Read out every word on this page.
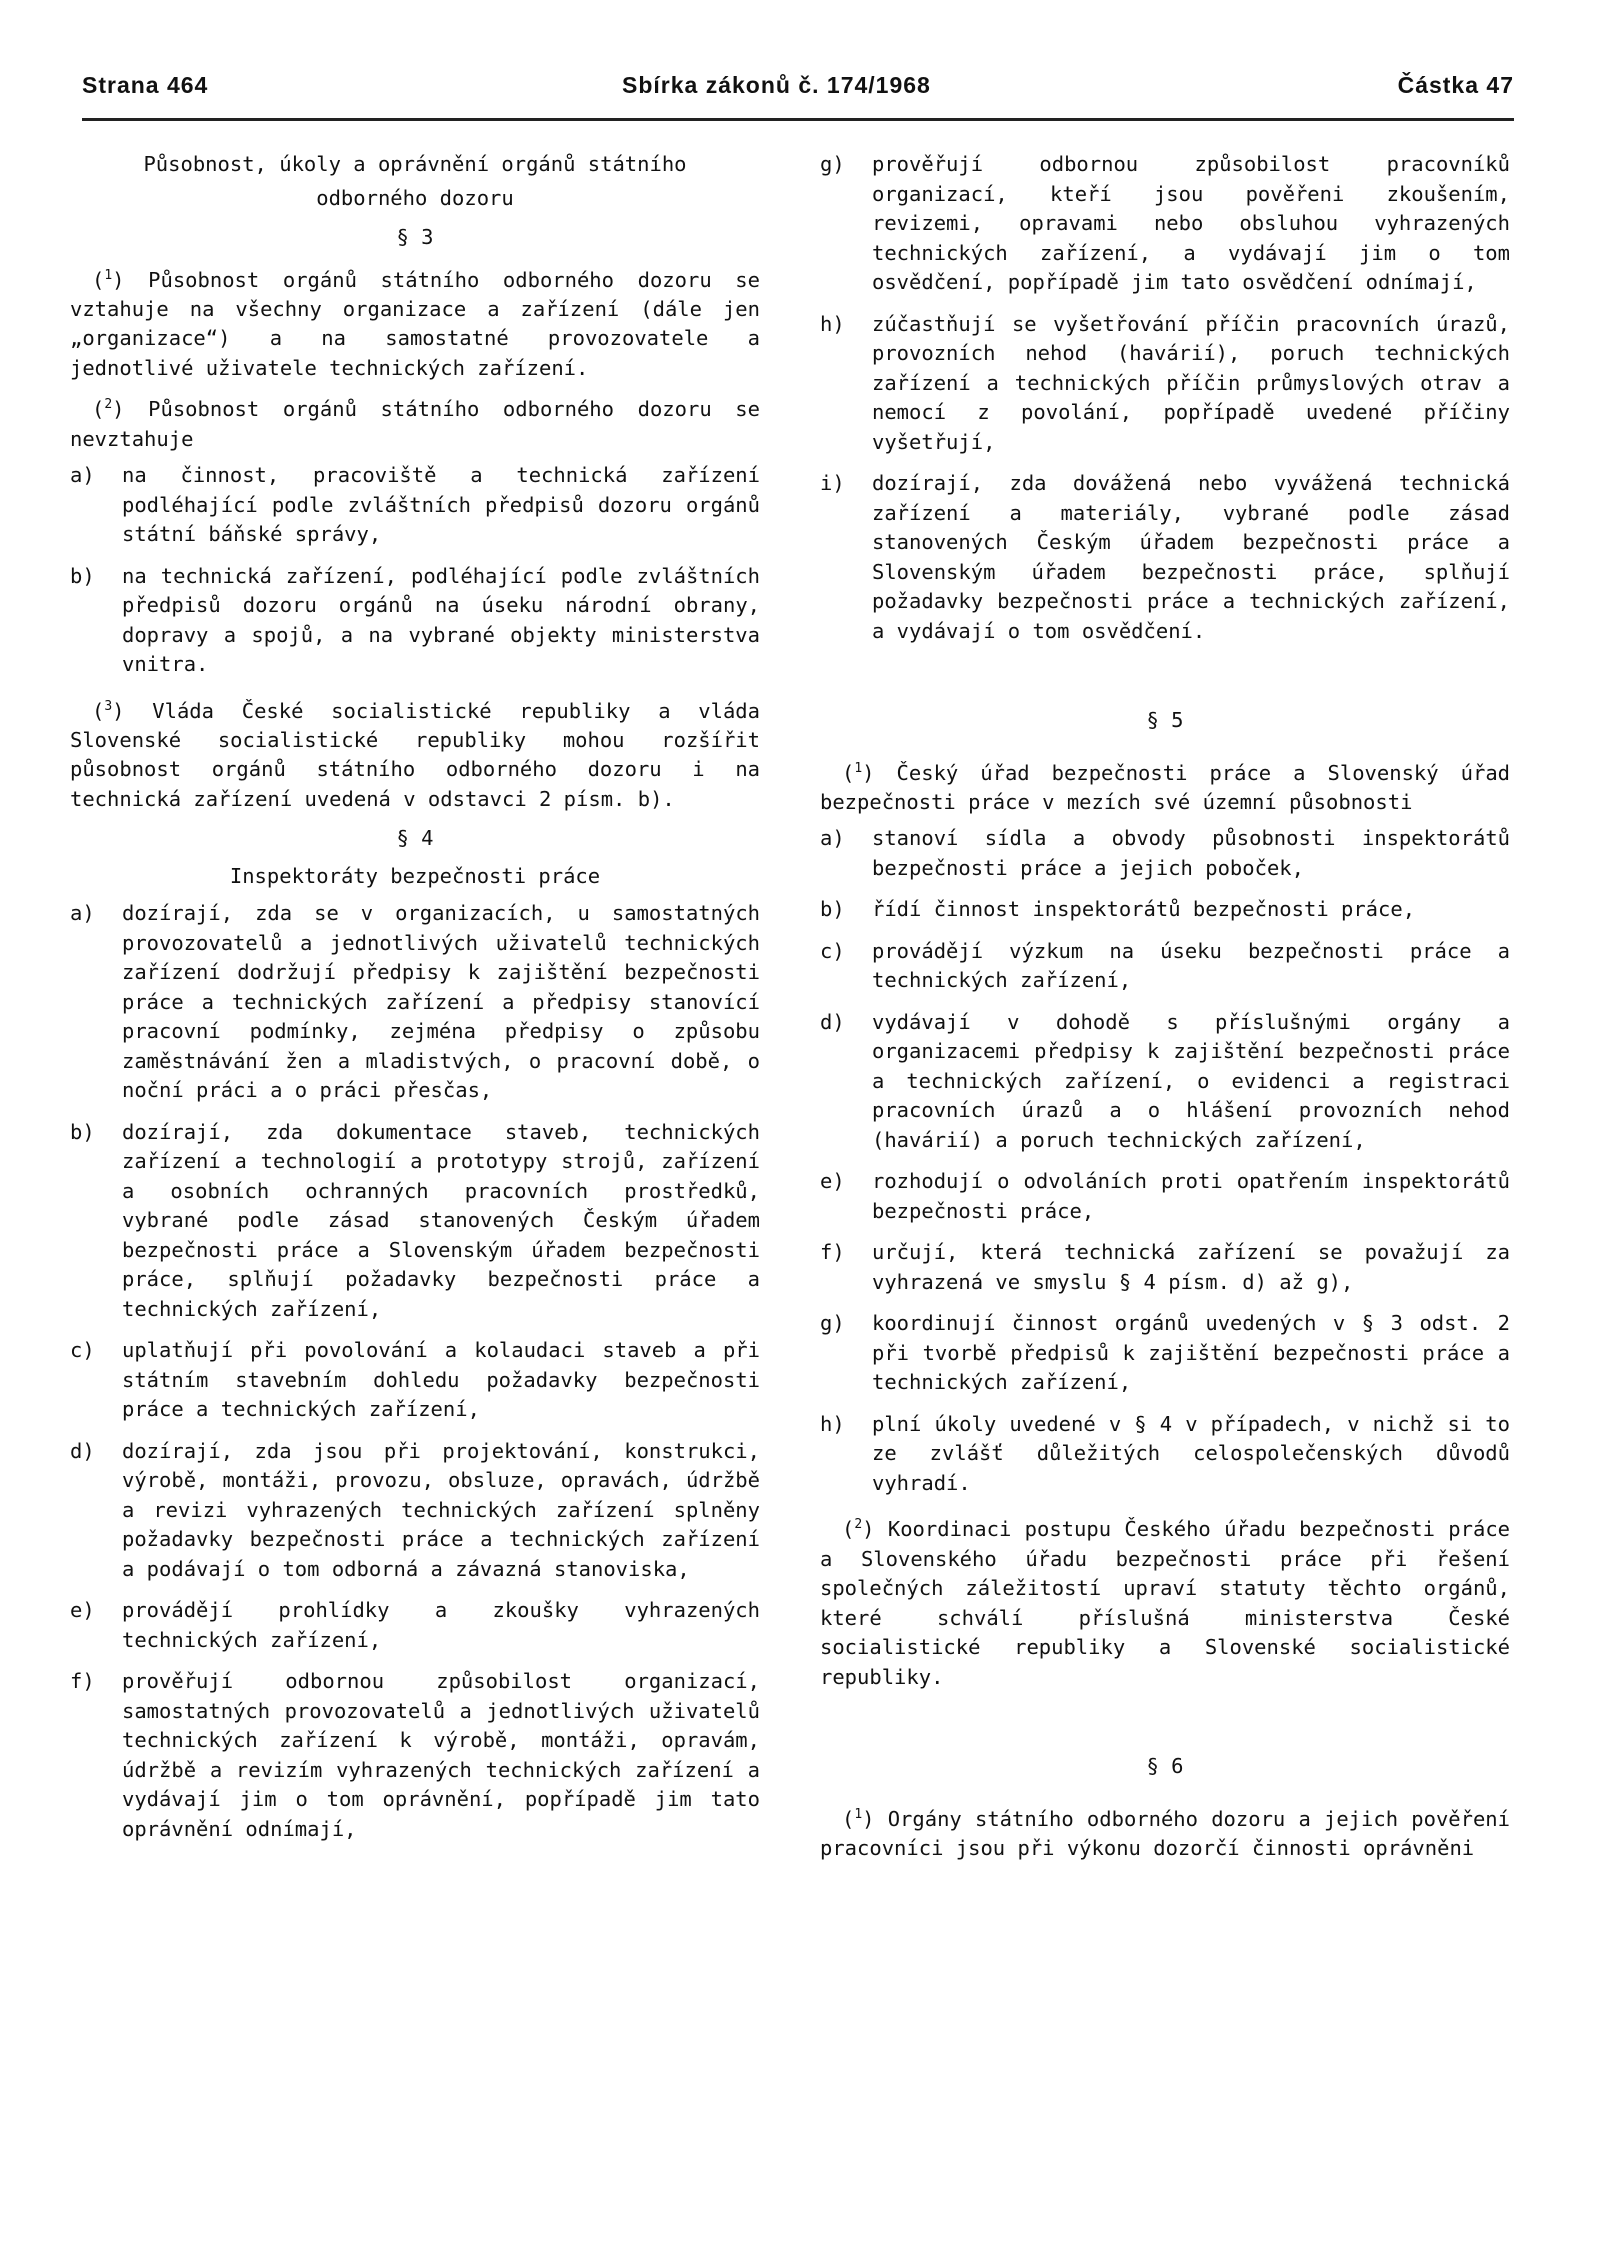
Strana 464	Sbírka zákonů č. 174/1968	Částka 47
Působnost, úkoly a oprávnění orgánů státního
odborného dozoru
§ 3

($^1$) Působnost orgánů státního odborného dozoru se vztahuje na všechny organizace a zařízení (dále jen „organizace“) a na samostatné provozovatele a jednotlivé uživatele technických zařízení.

($^2$) Působnost orgánů státního odborného dozoru se nevztahuje

a) na činnost, pracoviště a technická zařízení podléhající podle zvláštních předpisů dozoru orgánů státní báňské správy,
b) na technická zařízení, podléhající podle zvláštních předpisů dozoru orgánů na úseku národní obrany, dopravy a spojů, a na vybrané objekty ministerstva vnitra.

($^3$) Vláda České socialistické republiky a vláda Slovenské socialistické republiky mohou rozšířit působnost orgánů státního odborného dozoru i na technická zařízení uvedená v odstavci 2 písm. b).

§ 4
Inspektoráty bezpečnosti práce
a) dozírají, zda se v organizacích, u samostatných provozovatelů a jednotlivých uživatelů technických zařízení dodržují předpisy k zajištění bezpečnosti práce a technických zařízení a předpisy stanovící pracovní podmínky, zejména předpisy o způsobu zaměstnávání žen a mladistvých, o pracovní době, o noční práci a o práci přesčas,
b) dozírají, zda dokumentace staveb, technických zařízení a technologií a prototypy strojů, zařízení a osobních ochranných pracovních prostředků, vybrané podle zásad stanovených Českým úřadem bezpečnosti práce a Slovenským úřadem bezpečnosti práce, splňují požadavky bezpečnosti práce a technických zařízení,
c) uplatňují při povolování a kolaudaci staveb a při státním stavebním dohledu požadavky bezpečnosti práce a technických zařízení,
d) dozírají, zda jsou při projektování, konstrukci, výrobě, montáži, provozu, obsluze, opravách, údržbě a revizi vyhrazených technických zařízení splněny požadavky bezpečnosti práce a technických zařízení a podávají o tom odborná a závazná stanoviska,
e) provádějí prohlídky a zkoušky vyhrazených technických zařízení,
f) prověřují odbornou způsobilost organizací, samostatných provozovatelů a jednotlivých uživatelů technických zařízení k výrobě, montáži, opravám, údržbě a revizím vyhrazených technických zařízení a vydávají jim o tom oprávnění, popřípadě jim tato oprávnění odnímají,
g) prověřují odbornou způsobilost pracovníků organizací, kteří jsou pověřeni zkoušením, revizemi, opravami nebo obsluhou vyhrazených technických zařízení, a vydávají jim o tom osvědčení, popřípadě jim tato osvědčení odnímají,
h) zúčastňují se vyšetřování příčin pracovních úrazů, provozních nehod (havárií), poruch technických zařízení a technických příčin průmyslových otrav a nemocí z povolání, popřípadě uvedené příčiny vyšetřují,
i) dozírají, zda dovážená nebo vyvážená technická zařízení a materiály, vybrané podle zásad stanovených Českým úřadem bezpečnosti práce a Slovenským úřadem bezpečnosti práce, splňují požadavky bezpečnosti práce a technických zařízení, a vydávají o tom osvědčení.
§ 5

($^1$) Český úřad bezpečnosti práce a Slovenský úřad bezpečnosti práce v mezích své územní působnosti

a) stanoví sídla a obvody působnosti inspektorátů bezpečnosti práce a jejich poboček,
b) řídí činnost inspektorátů bezpečnosti práce,
c) provádějí výzkum na úseku bezpečnosti práce a technických zařízení,
d) vydávají v dohodě s příslušnými orgány a organizacemi předpisy k zajištění bezpečnosti práce a technických zařízení, o evidenci a registraci pracovních úrazů a o hlášení provozních nehod (havárií) a poruch technických zařízení,
e) rozhodují o odvoláních proti opatřením inspektorátů bezpečnosti práce,
f) určují, která technická zařízení se považují za vyhrazená ve smyslu § 4 písm. d) až g),
g) koordinují činnost orgánů uvedených v § 3 odst. 2 při tvorbě předpisů k zajištění bezpečnosti práce a technických zařízení,
h) plní úkoly uvedené v § 4 v případech, v nichž si to ze zvlášť důležitých celospolečenských důvodů vyhradí.

($^2$) Koordinaci postupu Českého úřadu bezpečnosti práce a Slovenského úřadu bezpečnosti práce při řešení společných záležitostí upraví statuty těchto orgánů, které schválí příslušná ministerstva České socialistické republiky a Slovenské socialistické republiky.

§ 6

($^1$) Orgány státního odborného dozoru a jejich pověření pracovníci jsou při výkonu dozorčí činnosti oprávněni
